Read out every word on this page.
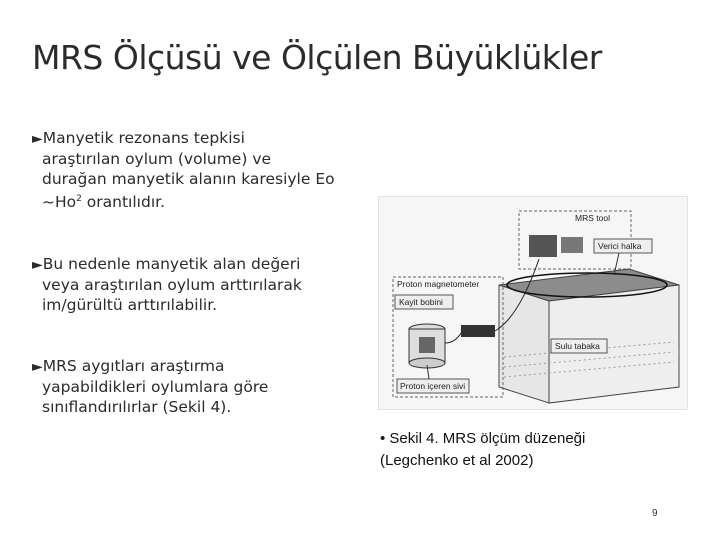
MRS Ölçüsü ve Ölçülen Büyüklükler
►Manyetik rezonans tepkisi
araştırılan oylum (volume) ve
durağan manyetik alanın karesiyle Eo
~Ho$^2$ orantılıdır.
►Bu nedenle manyetik alan değeri
veya araştırılan oylum arttırılarak
im/gürültü arttırılabilir.
►MRS aygıtları araştırma
yapabildikleri oylumlara göre
sınıflandırılırlar (Sekil 4).
MRS tool
Verici halka
Proton magnetometer
Kayit bobini
Sulu tabaka
Proton içeren sivi
• Sekil 4. MRS ölçüm düzeneği
(Legchenko et al 2002)
9
